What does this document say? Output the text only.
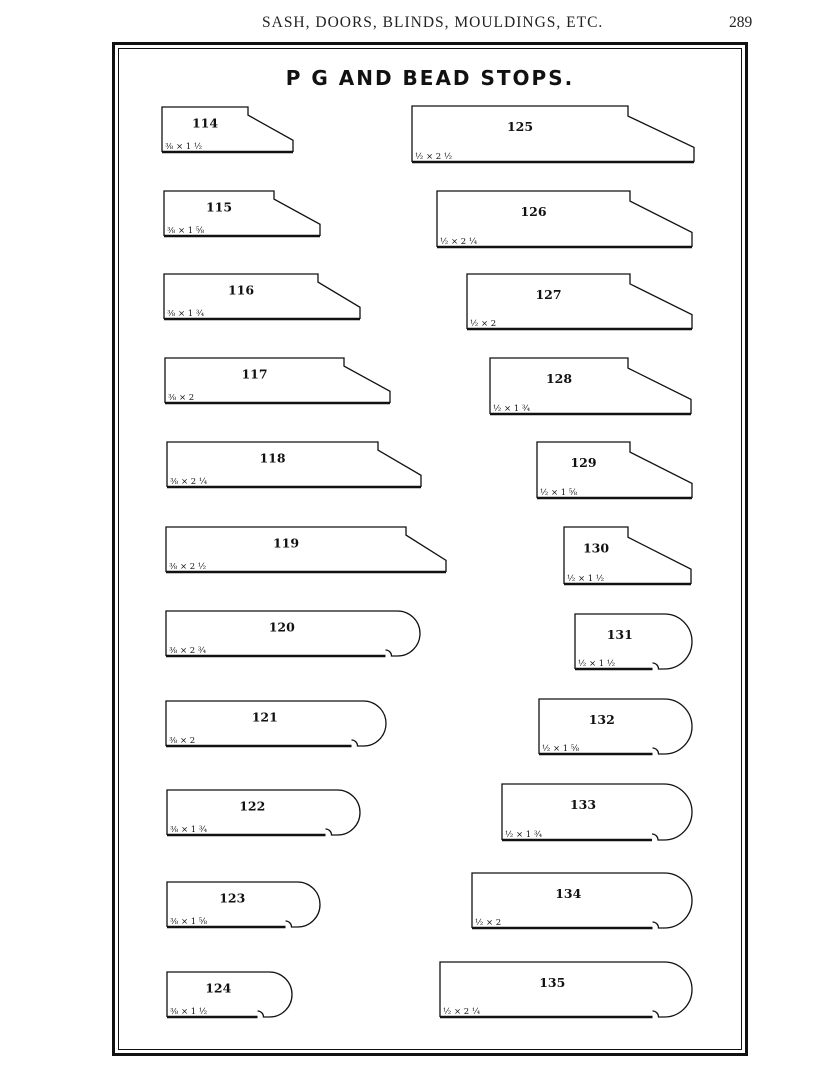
SASH, DOORS, BLINDS, MOULDINGS, ETC.	289
P G AND BEAD STOPS.
114
⅜ × 1 ½
115
⅜ × 1 ⅝
116
⅜ × 1 ¾
117
⅜ × 2
118
⅜ × 2 ¼
119
⅜ × 2 ½
120
⅜ × 2 ¾
121
⅜ × 2
122
⅜ × 1 ¾
123
⅜ × 1 ⅝
124
⅜ × 1 ½
125
½ × 2 ½
126
½ × 2 ¼
127
½ × 2
128
½ × 1 ¾
129
½ × 1 ⅝
130
½ × 1 ½
131
½ × 1 ½
132
½ × 1 ⅝
133
½ × 1 ¾
134
½ × 2
135
½ × 2 ¼
